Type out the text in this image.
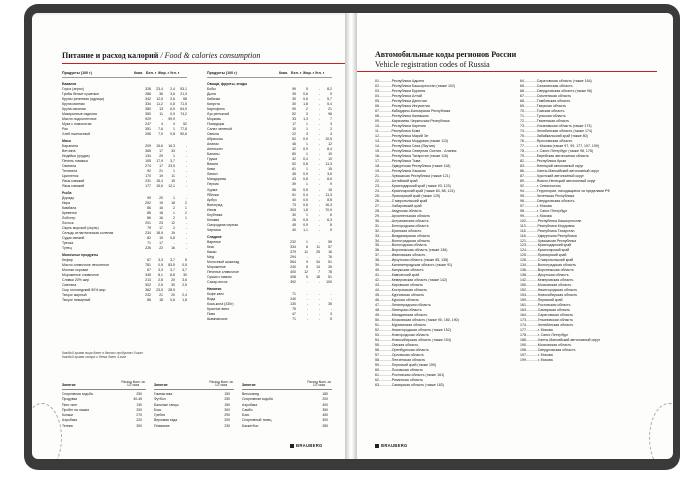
Питание и расход калорий / Food & calories consumption
Продукты (100 г)	Ккал. Бел. г Жир. г Угл. г	Продукты (100 г)	Ккал. Бел. г Жир. г Угл. г
Бакалея
Горох (зерно)	326 23,4 2,4 53,1
Грибы белые сушеные	286 36 3,6 21,3
Крупа гречневая (ядрица)	342 12,5 2,6 68
Крупа манная	334 11,2 0,8 71,5
Крупа овсяная	380 13 6,5 64,9
Макаронные изделия	350 11 0,9 74,2
Масло подсолнечное	929	- 99,9	-
Мука с помолотая	247	4	4 52
Рис	351 7,6	1 77,8
Хлеб пшеничный	255 7,9 0,8 50,6
Мясо
Баранина	209 15,6 16,3	-
Ветчина	365 17 33	-
Индейка (грудка)	134 29	1	-
Печень говяжья	105 17,9 3,7	-
Свинина	274 17 23,5	-
Телятина	92 21	1	-
Цыпленок	170 19 11	-
Язык говяжий	231 15,4 15	-
Язык говяжий	177 15,6 12,1	-
Рыба
Дорадо	99 20	1	-
Икра	252 19 18	2
Камбала	86 16	2	1
Креветки	85 18	1	2
Лобстер	86 16	2	1
Лосось	201 23 12	-
Окунь морской (окунь)	79 17	2	-
Сельдь атлантическая соленая	234 18,9 19	-
Судак свежий	82 19 0,8	-
Треска	71 17	-	-
Тунец	226 22 16	-
Молочные продукты
Кефир	67 3,3 3,7	5
Масло сливочное несоленое	781 0,5 83,5 0,5
Молоко коровье	67 3,3 3,7 4,7
Мороженое сливочное	345 8,1 8,8 30
Сливки 20% жир	213 2,8 20 3,6
Сметана	302 2,5 30 2,5
Сыр голландский 50% жир	362 23,5 28,9	-
Творог жирный	232 21 20 2,4
Творог нежирный	86 18 0,6 1,8
Овощи, фрукты, ягоды
Бобы	59	5	- 8,2
Дыня	39 0,6	-	9
Кабачки	30 0,6	- 5,7
Капуста	30 1,8	- 5,4
Картофель	90	2	- 21
Лук репчатый	52	3	- 96
Морковь	33 1,3	-	7
Помидоры	17	1	-	3
Салат зеленый	10	1	-	2
Свекла	22	3	-	4
Абрикосы	52 0,9	- 10,5
Ананас	46	1	- 12
Апельсин	42 0,9	- 8,4
Бананы	80	1	- 19
Груша	42 0,4	- 10
Вишня	52 0,8	- 11,3
Киви	61	1	- 15
Лимон	45 0,9	- 3,6
Мандарины	43 0,8	- 8,6
Персик	39	1	-	9
Хурма	56 0,5	- 15
Яблоки	51 0,4	- 11,3
Арбуз	40 0,5	- 8,8
Виноград	73 0,6	- 16,3
Изюм	303 1,8	- 70,9
Клубника	30	1	-	6
Клюква	26 0,5	- 6,3
Смородина черная	45 0,9	-	8
Черника	40 1,1	-	9
Сладкое
Варенье	232	1	- 59
Кекс	334	6 11 57
Какао	379 11 25 16
Мед	294	-	- 76
Молочный шоколад	564	9 34 51
Мороженое	240	5 14 26
Печенье сливочное	400 12	7 78
Сушки с маком	408	5 18 51
Сахар-песок	392	-	- 100
Напитки
Кофе капс	71	-	-	-
Вода	240	-	-	-
Кока-кола (330г)	130	-	- 35
Красное вино	75	-	-	-
Пиво	47	-	-	3
Шампанское	71	-	-	5
Каждый грамм жира дает в данных продуктах 9 ккал
Каждый грамм сахара и белка дает 4 ккал
Занятие
Расход Ккал. за 1/2 часа
Спортивная ходьба	250
Продувка	40-45
Пинг-понг	130
Пробег на лыжах	200
Коньки	270
Аэробика	220
Теннис	300
Занятие
Расход Ккал. за 1/2 часа
Гимнастика	150
Футбол	250
Бальные танцы	150
Бокс	300
Гребля	290
Верховая езда	200
Плавание	230
Занятие
Расход Ккал. за 1/2 часа
Велосипед	180
Спортивная ходьба	200
Аэробика	400
Самбо	350
Бокс	450
Спортивный танец	300
Баскетбол	280
BRAUBERG
Автомобильные коды регионов России
Vehicle registration codes of Russia
01.............Республика Адыгея
02.............Республика Башкортостан (также 102)
03.............Республика Бурятия
04.............Республика Алтай
05.............Республика Дагестан
06.............Республика Ингушетия
07.............Кабардино-Балкарская Республика
08.............Республика Калмыкия
09.............Карачаево-Черкесская Республика
10.............Республика Карелия
11.............Республика Коми
12.............Республика Марий Эл
13.............Республика Мордовия (также 113)
14.............Республика Саха (Якутия)
15.............Республика Северная Осетия - Алания
16.............Республика Татарстан (также 116)
17.............Республика Тыва
18.............Удмуртская Республика (также 118)
19.............Республика Хакасия
21.............Чувашская Республика (также 121)
22.............Алтайский край
23.............Краснодарский край (также 93, 123)
24.............Красноярский край (также 84, 88, 124)
25.............Приморский край (также 125)
26.............Ставропольский край
27.............Хабаровский край
28.............Амурская область
29.............Архангельская область
30.............Астраханская область
31.............Белгородская область
32.............Брянская область
33.............Владимирская область
34.............Волгоградская область
35.............Вологодская область
36.............Воронежская область (также 136)
37.............Ивановская область
38.............Иркутская область (также 85, 138)
39.............Калининградская область (также 91)
40.............Калужская область
41.............Камчатский край
42.............Кемеровская область (также 142)
43.............Кировская область
44.............Костромская область
45.............Курганская область
46.............Курская область
47.............Ленинградская область
48.............Липецкая область
49.............Магаданская область
50.............Московская область (также 90, 150, 190)
51.............Мурманская область
52.............Нижегородская область (также 152)
53.............Новгородская область
54.............Новосибирская область (также 154)
55.............Омская область
56.............Оренбургская область
57.............Орловская область
58.............Пензенская область
59.............Пермский край (также 159)
60.............Псковская область
61.............Ростовская область (также 161)
62.............Рязанская область
63.............Самарская область (также 163)
64.............Саратовская область (также 164)
65.............Сахалинская область
66.............Свердловская область (также 96)
67.............Смоленская область
68.............Тамбовская область
69.............Тверская область
70.............Томская область
71.............Тульская область
72.............Тюменская область
73.............Ульяновская область (также 173)
74.............Челябинская область (также 174)
75.............Забайкальский край (также 80)
76.............Ярославская область
77.............г. Москва (также 97, 99, 177, 197, 199)
78.............г. Санкт-Петербург (также 98, 178)
79.............Еврейская автономная область
82.............Республика Крым
83.............Ненецкий автономный округ
86.............Ханты-Мансийский автономный округ
87.............Чукотский автономный округ
89.............Ямало-Ненецкий автономный округ
92.............г. Севастополь
94.............Территории, находящиеся за пределами РФ
95.............Чеченская Республика
96.............Свердловская область
97.............г. Москва
98.............г. Санкт-Петербург
99.............г. Москва
102............Республика Башкортостан
113............Республика Мордовия
116............Республика Татарстан
118............Удмуртская Республика
121............Чувашская Республика
123............Краснодарский край
124............Красноярский край
125............Приморский край
126............Ставропольский край
134............Волгоградская область
136............Воронежская область
138............Иркутская область
142............Кемеровская область
150............Московская область
152............Нижегородская область
154............Новосибирская область
159............Пермский край
161............Ростовская область
163............Самарская область
164............Саратовская область
173............Ульяновская область
174............Челябинская область
177............г. Москва
178............г. Санкт-Петербург
186............Ханты-Мансийский автономный округ
190............Московская область
196............Свердловская область
197............г. Москва
199............г. Москва
BRAUBERG
